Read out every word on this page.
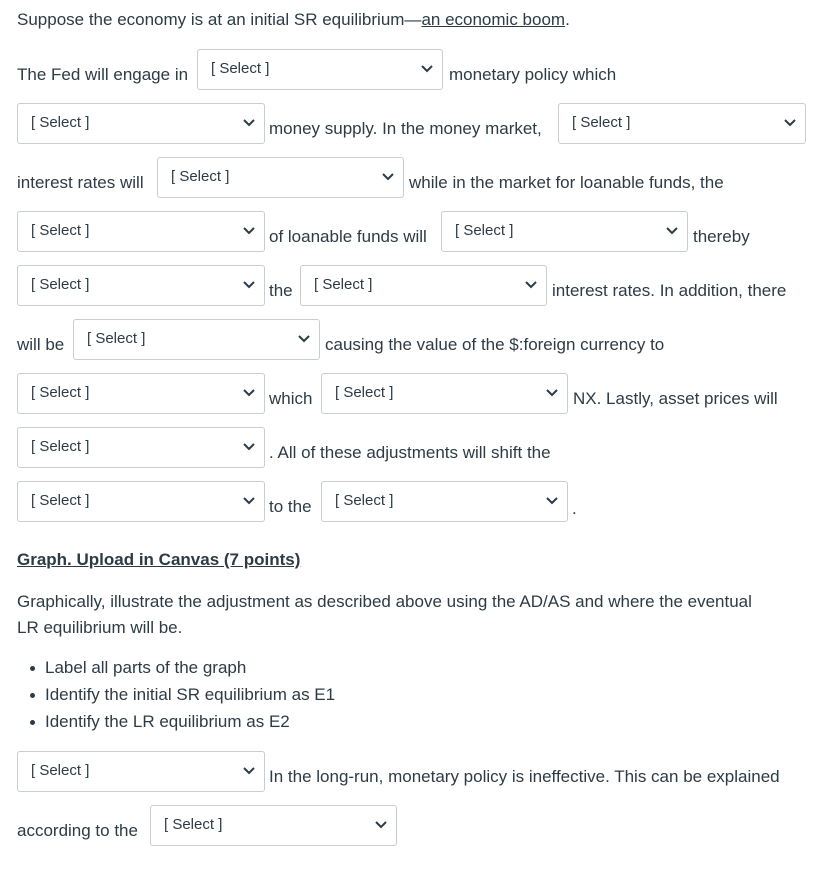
Suppose the economy is at an initial SR equilibrium—an economic boom.
The Fed will engage in [ Select ]	monetary policy which
[ Select ]	money supply. In the money market, [ Select ]
interest rates will [ Select ]	while in the market for loanable funds, the
[ Select ]	of loanable funds will [ Select ]	thereby
[ Select ]	the [ Select ]	interest rates. In addition, there
will be [ Select ]	causing the value of the $:foreign currency to
[ Select ]	which [ Select ]	NX. Lastly, asset prices will
[ Select ]	. All of these adjustments will shift the
[ Select ]	to the [ Select ]	.
Graph. Upload in Canvas (7 points)
Graphically, illustrate the adjustment as described above using the AD/AS and where the eventual
LR equilibrium will be.
Label all parts of the graph
Identify the initial SR equilibrium as E1
Identify the LR equilibrium as E2
[ Select ]	In the long-run, monetary policy is ineffective. This can be explained
according to the [ Select ]
